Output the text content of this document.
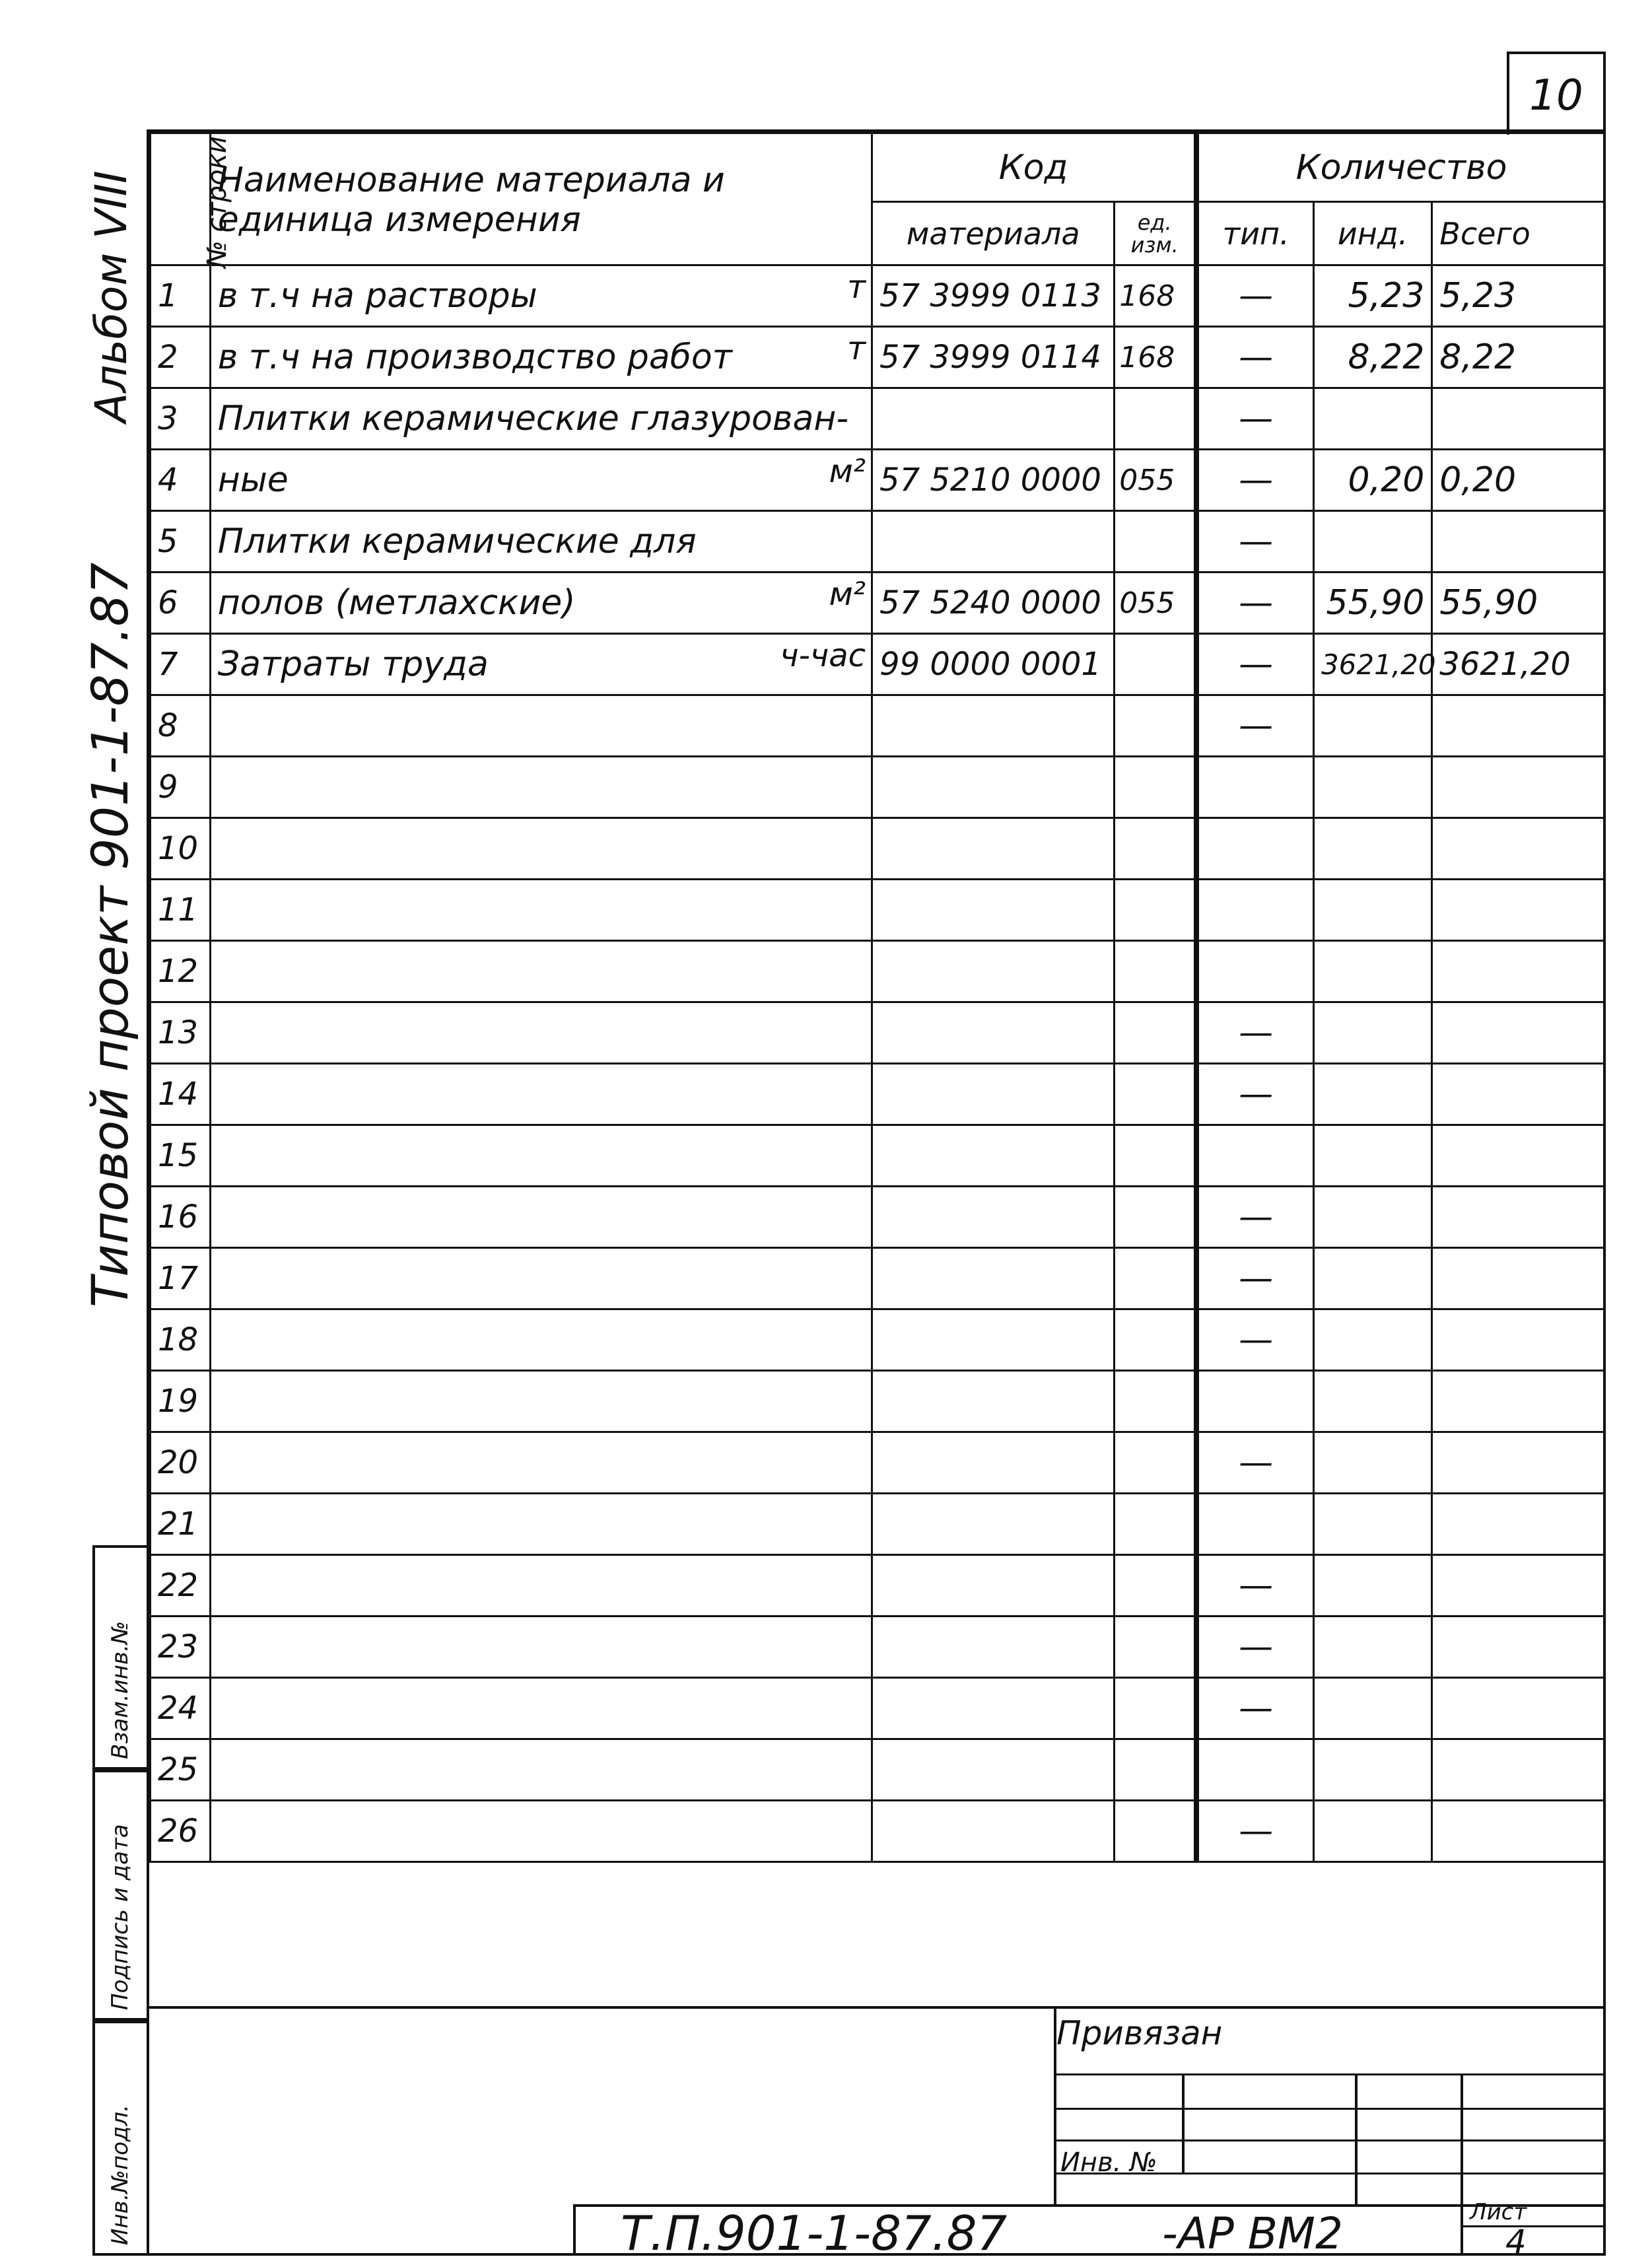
10
Альбом VIII
Типовой проект 901-1-87.87
Взам.инв.№
Подпись и дата
Инв.№подл.
№ строки	Наименование материала и единица измерения	Код		Количество		
		материала	ед. изм.	тип.	инд.	Всего
1	в т.ч на растворы т	57 3999 0113	168	—	5,23	5,23
2	в т.ч на производство работ т	57 3999 0114	168	—	8,22	8,22
3	Плитки керамические глазурован-			—		
4	ные м²	57 5210 0000	055	—	0,20	0,20
5	Плитки керамические для			—		
6	полов (метлахские) м²	57 5240 0000	055	—	55,90	55,90
7	Затраты труда ч-час	99 0000 0001		—	3621,20	3621,20
8				—		
9	

10	

11	

12	

13				—		
14				—		
15	

16				—		
17				—		
18				—		
19	

20				—		
21	

22				—		
23				—		
24				—		
25	

26				—		
Привязан
Инв. №
Т.П.901-1-87.87	-АР ВМ2	Лист
4
